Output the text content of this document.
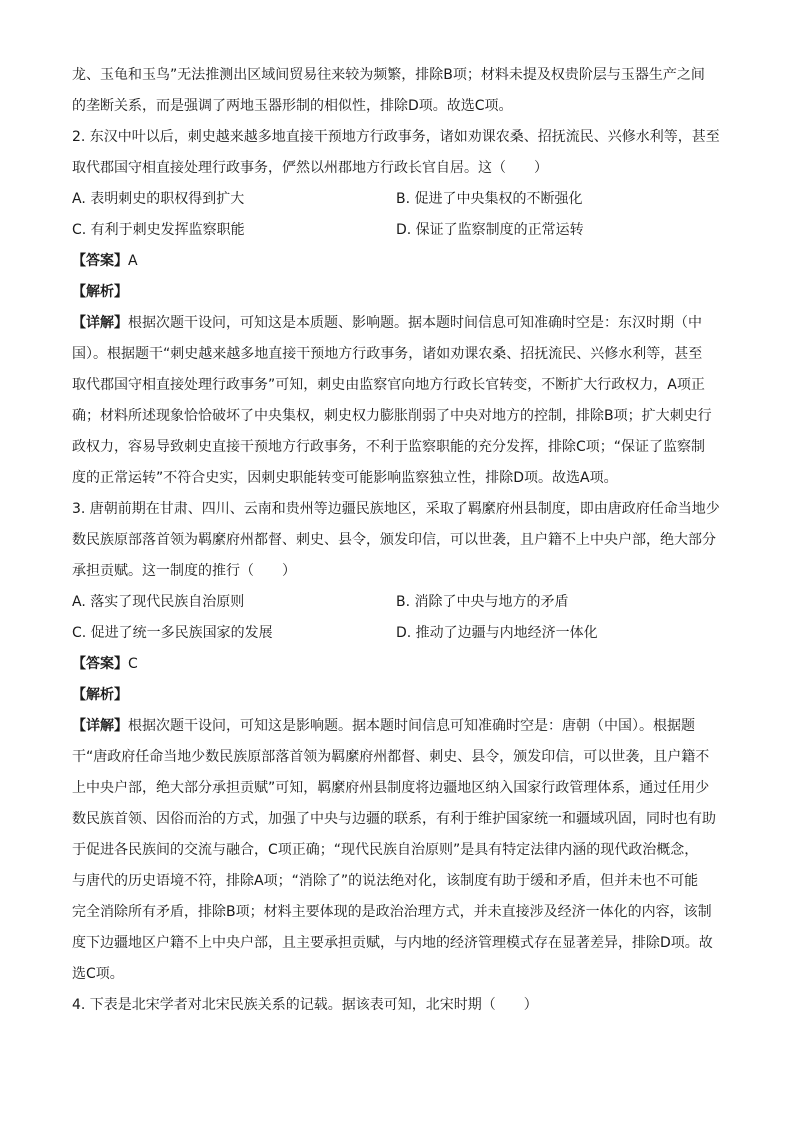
龙、玉龟和玉鸟”无法推测出区域间贸易往来较为频繁，排除B项；材料未提及权贵阶层与玉器生产之间

的垄断关系，而是强调了两地玉器形制的相似性，排除D项。故选C项。

2. 东汉中叶以后，刺史越来越多地直接干预地方行政事务，诸如劝课农桑、招抚流民、兴修水利等，甚至

取代郡国守相直接处理行政事务，俨然以州郡地方行政长官自居。这（　　）

A. 表明刺史的职权得到扩大	B. 促进了中央集权的不断强化
C. 有利于刺史发挥监察职能	D. 保证了监察制度的正常运转

【答案】A

【解析】

【详解】根据次题干设问，可知这是本质题、影响题。据本题时间信息可知准确时空是：东汉时期（中

国）。根据题干“刺史越来越多地直接干预地方行政事务，诸如劝课农桑、招抚流民、兴修水利等，甚至

取代郡国守相直接处理行政事务”可知，刺史由监察官向地方行政长官转变，不断扩大行政权力，A项正

确；材料所述现象恰恰破坏了中央集权，刺史权力膨胀削弱了中央对地方的控制，排除B项；扩大刺史行

政权力，容易导致刺史直接干预地方行政事务，不利于监察职能的充分发挥，排除C项；“保证了监察制

度的正常运转”不符合史实，因刺史职能转变可能影响监察独立性，排除D项。故选A项。

3. 唐朝前期在甘肃、四川、云南和贵州等边疆民族地区，采取了羁縻府州县制度，即由唐政府任命当地少

数民族原部落首领为羁縻府州都督、刺史、县令，颁发印信，可以世袭，且户籍不上中央户部，绝大部分

承担贡赋。这一制度的推行（　　）

A. 落实了现代民族自治原则	B. 消除了中央与地方的矛盾
C. 促进了统一多民族国家的发展	D. 推动了边疆与内地经济一体化

【答案】C

【解析】

【详解】根据次题干设问，可知这是影响题。据本题时间信息可知准确时空是：唐朝（中国）。根据题

干“唐政府任命当地少数民族原部落首领为羁縻府州都督、刺史、县令，颁发印信，可以世袭，且户籍不

上中央户部，绝大部分承担贡赋”可知，羁縻府州县制度将边疆地区纳入国家行政管理体系，通过任用少

数民族首领、因俗而治的方式，加强了中央与边疆的联系，有利于维护国家统一和疆域巩固，同时也有助

于促进各民族间的交流与融合，C项正确；“现代民族自治原则”是具有特定法律内涵的现代政治概念，

与唐代的历史语境不符，排除A项；“消除了”的说法绝对化，该制度有助于缓和矛盾，但并未也不可能

完全消除所有矛盾，排除B项；材料主要体现的是政治治理方式，并未直接涉及经济一体化的内容，该制

度下边疆地区户籍不上中央户部，且主要承担贡赋，与内地的经济管理模式存在显著差异，排除D项。故

选C项。

4. 下表是北宋学者对北宋民族关系的记载。据该表可知，北宋时期（　　）
